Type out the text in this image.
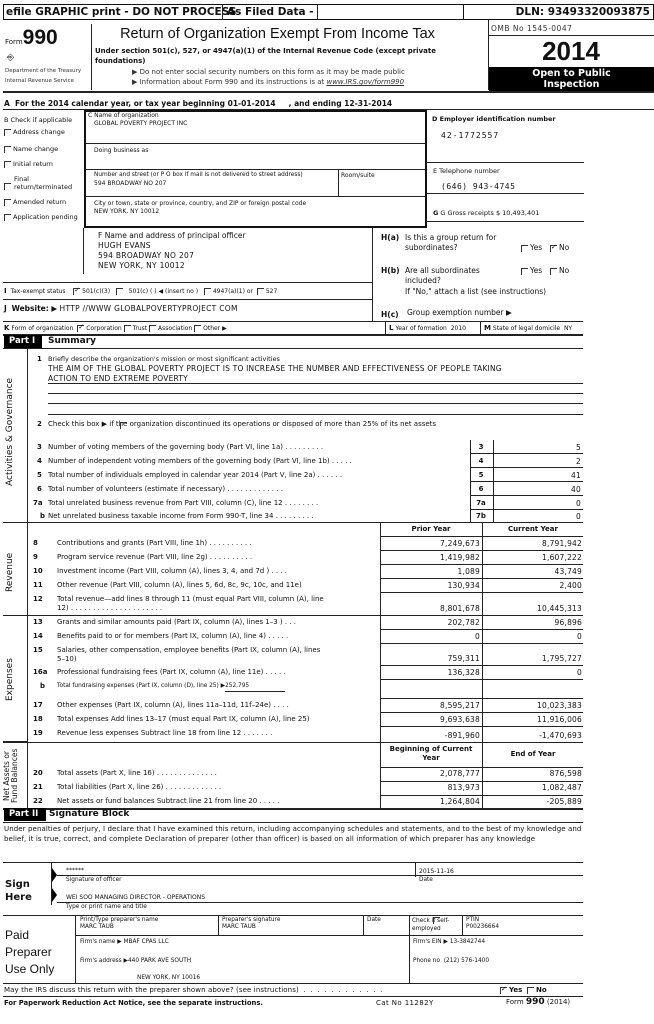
efile GRAPHIC print - DO NOT PROCESS
As Filed Data -	DLN: 93493320093875
Form990
⎆
Department of the Treasury
Internal Revenue Service
Return of Organization Exempt From Income Tax
Under section 501(c), 527, or 4947(a)(1) of the Internal Revenue Code (except private foundations)
▶ Do not enter social security numbers on this form as it may be made public
▶ Information about Form 990 and its instructions is at www.IRS.gov/form990
OMB No 1545-0047
2014
Open to Public Inspection
A  For the 2014 calendar year, or tax year beginning 01-01-2014     , and ending 12-31-2014
B Check if applicable
Address change
Name change
Initial return
Final return/terminated
Amended return
Application pending
C Name of organization
GLOBAL POVERTY PROJECT INC
Doing business as
Number and street (or P O box if mail is not delivered to street address)
594 BROADWAY NO 207
Room/suite
City or town, state or province, country, and ZIP or foreign postal code
NEW YORK, NY 10012
D Employer identification number
42-1772557
E Telephone number
(646) 943-4745
G G Gross receipts $ 10,493,401
F Name and address of principal officer
HUGH EVANS
594 BROADWAY NO 207
NEW YORK, NY 10012
H(a) Is this a group return for
subordinates?	Yes ✓	No
H(b) Are all subordinates
included?
Yes	No
If "No," attach a list (see instructions)
H(c) Group exemption number ▶
I Tax-exempt status ✓	501(c)(3)	501(c) ( ) ◀ (insert no ) 4947(a)(1) or 527
J Website: ▶ HTTP //WWW GLOBALPOVERTYPROJECT COM
K Form of organization ✓ Corporation Trust Association Other ▶	L Year of formation 2010	M State of legal domicile NY
Part I	Summary
Activities & Governance
Revenue
Expenses
Net Assets or Fund Balances
1 Briefly describe the organization's mission or most significant activities
THE AIM OF THE GLOBAL POVERTY PROJECT IS TO INCREASE THE NUMBER AND EFFECTIVENESS OF PEOPLE TAKING
ACTION TO END EXTREME POVERTY
2 Check this box ▶ if the organization discontinued its operations or disposed of more than 25% of its net assets
3 Number of voting members of the governing body (Part VI, line 1a) . . . . . . . . .	3	5
4 Number of independent voting members of the governing body (Part VI, line 1b) . . . . .	4	2
5 Total number of individuals employed in calendar year 2014 (Part V, line 2a) . . . . . .	5	41
6 Total number of volunteers (estimate if necessary) . . . . . . . . . . . . .	6	40
7a Total unrelated business revenue from Part VIII, column (C), line 12 . . . . . . . .	7a	0
b Net unrelated business taxable income from Form 990-T, line 34 . . . . . . . . .	7b	0
Prior Year	Current Year
8	Contributions and grants (Part VIII, line 1h) . . . . . . . . . .	7,249,673	8,791,942
9	Program service revenue (Part VIII, line 2g) . . . . . . . . . .	1,419,982	1,607,222
10 Investment income (Part VIII, column (A), lines 3, 4, and 7d ) . . . .	1,089	43,749
11 Other revenue (Part VIII, column (A), lines 5, 6d, 8c, 9c, 10c, and 11e)	130,934	2,400
12 Total revenue—add lines 8 through 11 (must equal Part VIII, column (A), line
12) . . . . . . . . . . . . . . . . . . . . .	8,801,678	10,445,313
13 Grants and similar amounts paid (Part IX, column (A), lines 1–3 ) . . .	202,782	96,896
14 Benefits paid to or for members (Part IX, column (A), line 4) . . . . .	0	0
15 Salaries, other compensation, employee benefits (Part IX, column (A), lines
5–10)	759,311	1,795,727
16a Professional fundraising fees (Part IX, column (A), line 11e) . . . . .	136,328	0
b Total fundraising expenses (Part IX, column (D), line 25) ▶252,795
17 Other expenses (Part IX, column (A), lines 11a–11d, 11f–24e) . . . .	8,595,217	10,023,383
18 Total expenses Add lines 13–17 (must equal Part IX, column (A), line 25)	9,693,638	11,916,006
19 Revenue less expenses Subtract line 18 from line 12 . . . . . . .	-891,960	-1,470,693
Beginning of Current Year	End of Year
20 Total assets (Part X, line 16) . . . . . . . . . . . . . .	2,078,777	876,598
21 Total liabilities (Part X, line 26) . . . . . . . . . . . . .	813,973	1,082,487
22 Net assets or fund balances Subtract line 21 from line 20 . . . . .	1,264,804	-205,889
Part II	Signature Block
Under penalties of perjury, I declare that I have examined this return, including accompanying schedules and statements, and to the best of my knowledge and belief, it is true, correct, and complete Declaration of preparer (other than officer) is based on all information of which preparer has any knowledge
Sign Here
******	2015-11-16
Signature of officer	Date
WEI SOO MANAGING DIRECTOR - OPERATIONS
Type or print name and title
Paid Preparer Use Only
Print/Type preparer's name
MARC TAUB
Preparer's signature
MARC TAUB
Date	Check if self-employed
PTIN
P00236664
Firm's name ▶ MBAF CPAS LLC	Firm's EIN ▶ 13-3842744
Firm's address ▶440 PARK AVE SOUTH
NEW YORK, NY 10016
Phone no (212) 576-1400
May the IRS discuss this return with the preparer shown above? (see instructions)  .  .  .  .  .  .  .  .  .  .  .  . ✓	Yes	No
For Paperwork Reduction Act Notice, see the separate instructions.	Cat No 11282Y	Form 990 (2014)
